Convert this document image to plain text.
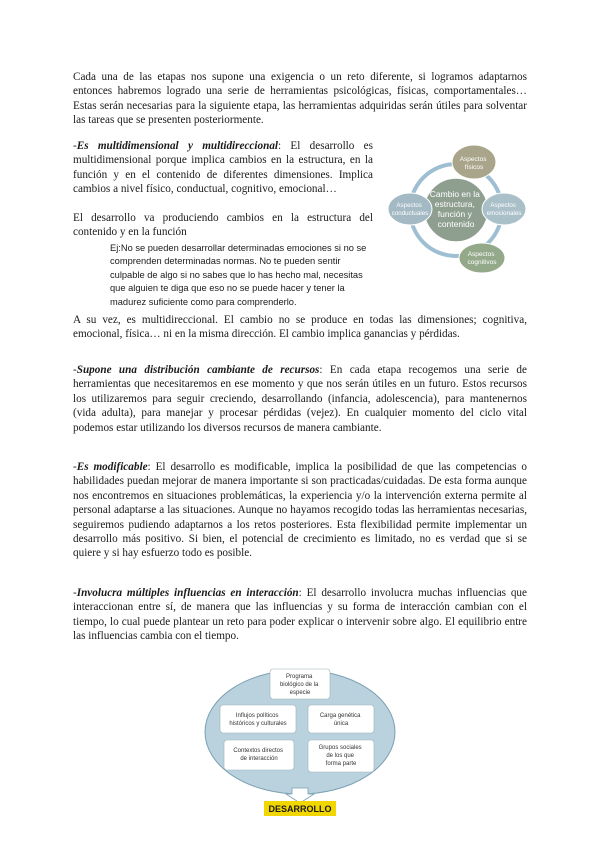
Cada una de las etapas nos supone una exigencia o un reto diferente, si logramos adaptarnos entonces habremos logrado una serie de herramientas psicológicas, físicas, comportamentales… Estas serán necesarias para la siguiente etapa, las herramientas adquiridas serán útiles para solventar las tareas que se presenten posteriormente.

-Es multidimensional y multidireccional: El desarrollo es multidimensional porque implica cambios en la estructura, en la función y en el contenido de diferentes dimensiones. Implica cambios a nivel físico, conductual, cognitivo, emocional…

El desarrollo va produciendo cambios en la estructura del contenido y en la función

Ej:No se pueden desarrollar determinadas emociones si no se comprenden determinadas normas. No te pueden sentir culpable de algo si no sabes que lo has hecho mal, necesitas que alguien te diga que eso no se puede hacer y tener la madurez suficiente como para comprenderlo.

Cambio en la estructura, función y contenido
Aspectos físicos
Aspectos conductuales
Aspectos emocionales
Aspectos cognitivos

A su vez, es multidireccional. El cambio no se produce en todas las dimensiones; cognitiva, emocional, física… ni en la misma dirección. El cambio implica ganancias y pérdidas.

-Supone una distribución cambiante de recursos: En cada etapa recogemos una serie de herramientas que necesitaremos en ese momento y que nos serán útiles en un futuro. Estos recursos los utilizaremos para seguir creciendo, desarrollando (infancia, adolescencia), para mantenernos (vida adulta), para manejar y procesar pérdidas (vejez). En cualquier momento del ciclo vital podemos estar utilizando los diversos recursos de manera cambiante.

-Es modificable: El desarrollo es modificable, implica la posibilidad de que las competencias o habilidades puedan mejorar de manera importante si son practicadas/cuidadas. De esta forma aunque nos encontremos en situaciones problemáticas, la experiencia y/o la intervención externa permite al personal adaptarse a las situaciones. Aunque no hayamos recogido todas las herramientas necesarias, seguiremos pudiendo adaptarnos a los retos posteriores. Esta flexibilidad permite implementar un desarrollo más positivo. Si bien, el potencial de crecimiento es limitado, no es verdad que si se quiere y si hay esfuerzo todo es posible.

-Involucra múltiples influencias en interacción: El desarrollo involucra muchas influencias que interaccionan entre sí, de manera que las influencias y su forma de interacción cambian con el tiempo, lo cual puede plantear un reto para poder explicar o intervenir sobre algo. El equilibrio entre las influencias cambia con el tiempo.

Programa biológico de la especie
Influjos políticos históricos y culturales
Carga genética única
Contextos directos de interacción
Grupos sociales de los que forma parte
DESARROLLO
